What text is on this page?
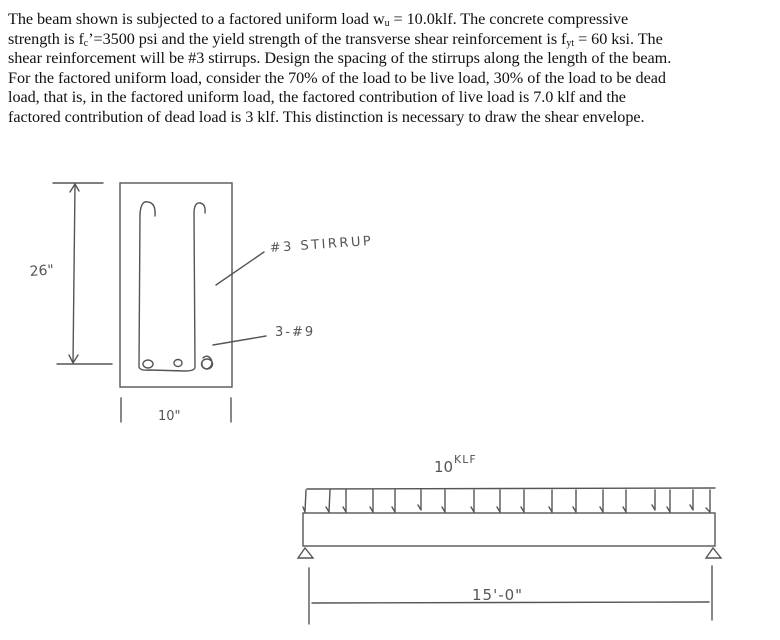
The beam shown is subjected to a factored uniform load $w_u = 10.0klf$. The concrete compressive
strength is $f_c’=3500$ psi and the yield strength of the transverse shear reinforcement is $f_{yt} = 60$ ksi. The
shear reinforcement will be #3 stirrups. Design the spacing of the stirrups along the length of the beam.
For the factored uniform load, consider the 70% of the load to be live load, 30% of the load to be dead
load, that is, in the factored uniform load, the factored contribution of live load is 7.0 klf and the
factored contribution of dead load is 3 klf. This distinction is necessary to draw the shear envelope.
26"
10"
#3 STIRRUP
3-#9
10 KLF
15'-0"
